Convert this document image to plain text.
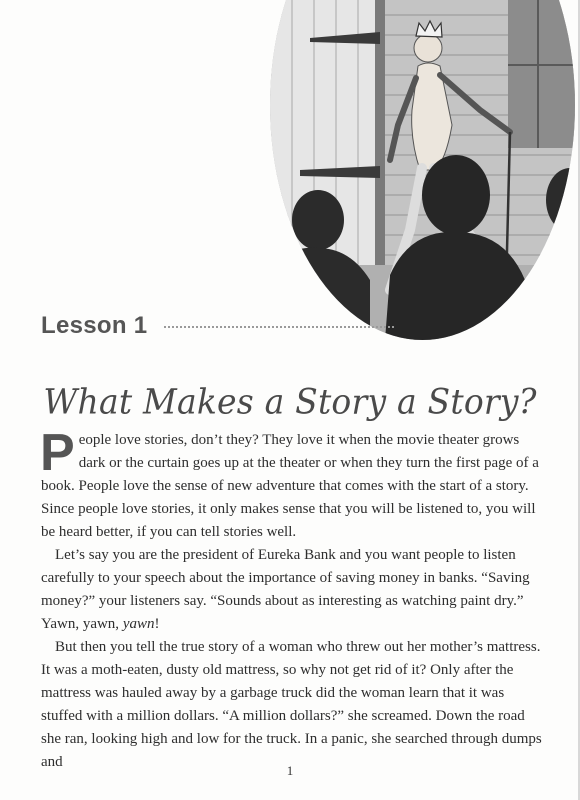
Lesson 1
What Makes a Story a Story?

People love stories, don’t they? They love it when the movie theater grows dark or the curtain goes up at the theater or when they turn the first page of a book. People love the sense of new adventure that comes with the start of a story. Since people love stories, it only makes sense that you will be listened to, you will be heard better, if you can tell stories well.

Let’s say you are the president of Eureka Bank and you want people to listen carefully to your speech about the importance of saving money in banks. “Saving money?” your listeners say. “Sounds about as interesting as watching paint dry.” Yawn, yawn, yawn!

But then you tell the true story of a woman who threw out her mother’s mattress. It was a moth-eaten, dusty old mattress, so why not get rid of it? Only after the mattress was hauled away by a garbage truck did the woman learn that it was stuffed with a million dollars. “A million dollars?” she screamed. Down the road she ran, looking high and low for the truck. In a panic, she searched through dumps and

1
